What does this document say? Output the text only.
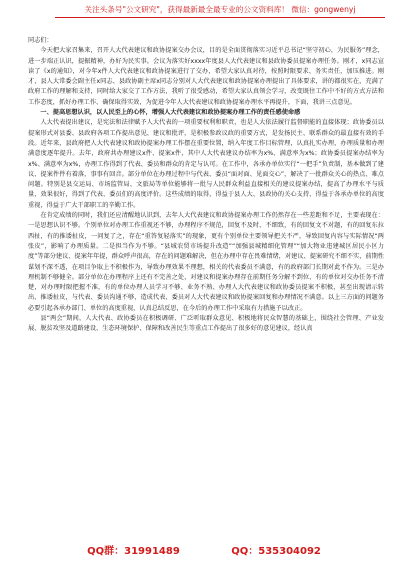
关注头条号"公文研究"，获得最新最全最专业的公文资料库！ 微信：gongwenyj

同志们：

今天把大家召集来，召开人大代表建议和政协提案交办会议，目的是全面贯彻落实习近平总书记“坚守初心，为民服务”理念，进一步端正认识，提振精神，办好为民实事。会议为落实好xxxx年度县人大代表建议和县政协委员提案办理任务。刚才，x同志宣读了《x的通知》，对今年x件人大代表建议和政协提案进行了交办，希望大家认真对待，按照时限要求、务实责任，加压推进。刚才，县人大常委会副主任x同志、县政协副主席x同志分别对人大代表建议和政协提案办理提出了具体要求，讲的都很实在，充满了政府工作的理解和支持，同时给大家交了工作方法，我听了很受感动，希望大家认真领会学习，改变既往工作中不好的方式方法和工作态度，抓好办理工作、确保取得实效，为促进今年人大代表建议和政协提案办理水平再提升，下面，我讲三点意见。

一、提高思想认识，以人民至上的心怀，增强人大代表建议和政协提案办理工作的责任感使命感

人大代表提出建议，是宪法和法律赋予人大代表的一项重要权利和职责，也是人大依法履行监督职能的直接体现；政协委员以提案形式对县委、县政府各项工作提出意见、建议和批评，是积极参政议政的重要方式，是发扬民主、联系群众的最直接有效的手段。近年来，县政府把人大代表建议和政协提案办理工作摆在重要位置，纳入年度工作目标管理，认真扎实办理，办理质量和办理满意度逐年提升。去年，政府共办理建议x件、提案x件，其中人大代表建议办结率为x%、满意率为x%；政协委员提案办结率为x%、满意率为x%，办理工作得到了代表、委员和群众的肯定与认可。在工作中，各承办单位实行“一把手”负责制，基本做到了建议、提案件件有着落，事事有回音。部分单位在办理过程中与代表、委员“面对面、见面交心”，解决了一批群众关心的热点、难点问题。特别是县交运局、市场监管局、文旅局等单位能够将一批与人民群众利益直接相关的建议提案办结，提高了办理水平与质量，效果很好，得到了代表、委员们的高度评价。这些成绩的取得，得益于县人大、县政协的关心支持，得益于各承办单位的高度重视，得益于广大干部职工的辛勤工作。

在肯定成绩的同时，我们还应清醒地认识到，去年人大代表建议和政协提案办理工作仍然存在一些差距和不足，主要表现在：一是思想认识不够。个别单位对办理工作重视还不够，办理程序不规范，回复不及时，不细致，有的回复文不对题，有的回复东拉西扯，有的推诿扯皮，一问复了之，存在“重答复轻落实”的现象，更有个别单位主要领导把关不严，导致回复内容与实际情况“两张皮”，影响了办理质量。二是担当作为不够。“县城农贸市场提升改造”“加强县城精细化管理”“加大物业违建城区居民小区力度”等部分建议、提案年年提，群众呼声很高，存在的问题难解决，但在办理中存在畏难情绪，对建议、提案研究不细不实，前期性谋划不深不透，在项目争取上不积极作为，导致办理效果不理想，相关的代表委员不满意，有的政府部门长期对此不作为。三是办理机制不够健全。部分单位在办理程序上还有不完善之处，对建议和提案办理存在前期任务分解不到位、有的单位对交办任务不清楚，对办理时限把握不准，有的单位办理人员学习不够、业务不熟、办理人大代表建议和政协委员提案不积极，甚至出现请示转出、推诿扯皮，与代表、委员沟通不够，造成代表、委员对人大代表建议和政协提案回复和办理情况不满意。以上三方面的问题务必要引起各承办部门、单位的高度重视，认真总结反思，在今后的办理工作中采取有力措施予以改正。

县“两会”期间，人大代表、政协委员在积极调研、广泛听取群众意见、积极地将民众智慧的基础上，围绕社会管理、产业发展、脱贫攻坚及道路建设、生态环境保护、保障和改善民生等重点工作提出了很多好的意见建议，经认真

QQ群：31991489	QQ：535304092
